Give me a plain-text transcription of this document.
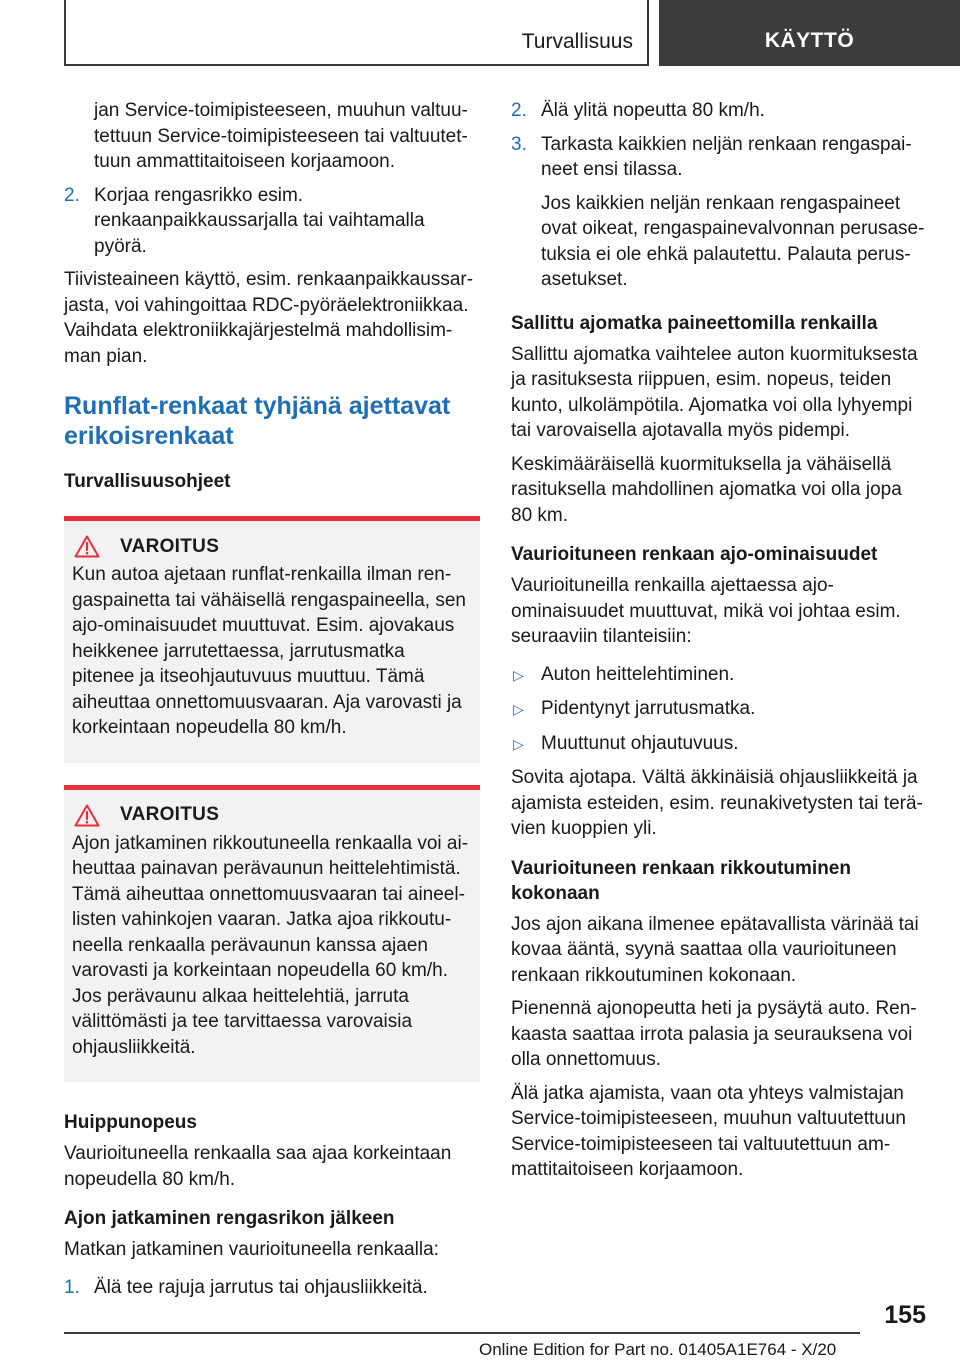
Turvallisuus	KÄYTTÖ

jan Service-toimipisteeseen, muuhun valtuutettuun Service-toimipisteeseen tai valtuutettuun ammattitaitoiseen korjaamoon.

2. Korjaa rengasrikko esim. renkaanpaikkaussarjalla tai vaihtamalla pyörä.

Tiivisteaineen käyttö, esim. renkaanpaikkaussarjasta, voi vahingoittaa RDC-pyöräelektroniikkaa. Vaihdata elektroniikkajärjestelmä mahdollisimman pian.

Runflat-renkaat tyhjänä ajettavat erikoisrenkaat
Turvallisuusohjeet
VAROITUS
Kun autoa ajetaan runflat-renkailla ilman rengaspainetta tai vähäisellä rengaspaineella, sen ajo-ominaisuudet muuttuvat. Esim. ajovakaus heikkenee jarrutettaessa, jarrutusmatka pitenee ja itseohjautuvuus muuttuu. Tämä aiheuttaa onnettomuusvaaran. Aja varovasti ja korkeintaan nopeudella 80 km/h.
VAROITUS
Ajon jatkaminen rikkoutuneella renkaalla voi aiheuttaa painavan perävaunun heittelehtimistä. Tämä aiheuttaa onnettomuusvaaran tai aineellisten vahinkojen vaaran. Jatka ajoa rikkoutuneella renkaalla perävaunun kanssa ajaen varovasti ja korkeintaan nopeudella 60 km/h. Jos perävaunu alkaa heittelehtiä, jarruta välittömästi ja tee tarvittaessa varovaisia ohjausliikkeitä.
Huippunopeus

Vaurioituneella renkaalla saa ajaa korkeintaan nopeudella 80 km/h.

Ajon jatkaminen rengasrikon jälkeen

Matkan jatkaminen vaurioituneella renkaalla:

1. Älä tee rajuja jarrutus tai ohjausliikkeitä.
2. Älä ylitä nopeutta 80 km/h.
3. Tarkasta kaikkien neljän renkaan rengaspaineet ensi tilassa.

Jos kaikkien neljän renkaan rengaspaineet ovat oikeat, rengaspainevalvonnan perusasetuksia ei ole ehkä palautettu. Palauta perusasetukset.

Sallittu ajomatka paineettomilla renkailla

Sallittu ajomatka vaihtelee auton kuormituksesta ja rasituksesta riippuen, esim. nopeus, teiden kunto, ulkolämpötila. Ajomatka voi olla lyhyempi tai varovaisella ajotavalla myös pidempi.

Keskimääräisellä kuormituksella ja vähäisellä rasituksella mahdollinen ajomatka voi olla jopa 80 km.

Vaurioituneen renkaan ajo-ominaisuudet

Vaurioituneilla renkailla ajettaessa ajo-ominaisuudet muuttuvat, mikä voi johtaa esim. seuraaviin tilanteisiin:

▷ Auton heittelehtiminen.
▷ Pidentynyt jarrutusmatka.
▷ Muuttunut ohjautuvuus.

Sovita ajotapa. Vältä äkkinäisiä ohjausliikkeitä ja ajamista esteiden, esim. reunakivetysten tai terävien kuoppien yli.

Vaurioituneen renkaan rikkoutuminen kokonaan

Jos ajon aikana ilmenee epätavallista värinää tai kovaa ääntä, syynä saattaa olla vaurioituneen renkaan rikkoutuminen kokonaan.

Pienennä ajonopeutta heti ja pysäytä auto. Renkaasta saattaa irrota palasia ja seurauksena voi olla onnettomuus.

Älä jatka ajamista, vaan ota yhteys valmistajan Service-toimipisteeseen, muuhun valtuutettuun Service-toimipisteeseen tai valtuutettuun ammattitaitoiseen korjaamoon.

155
Online Edition for Part no. 01405A1E764 - X/20
